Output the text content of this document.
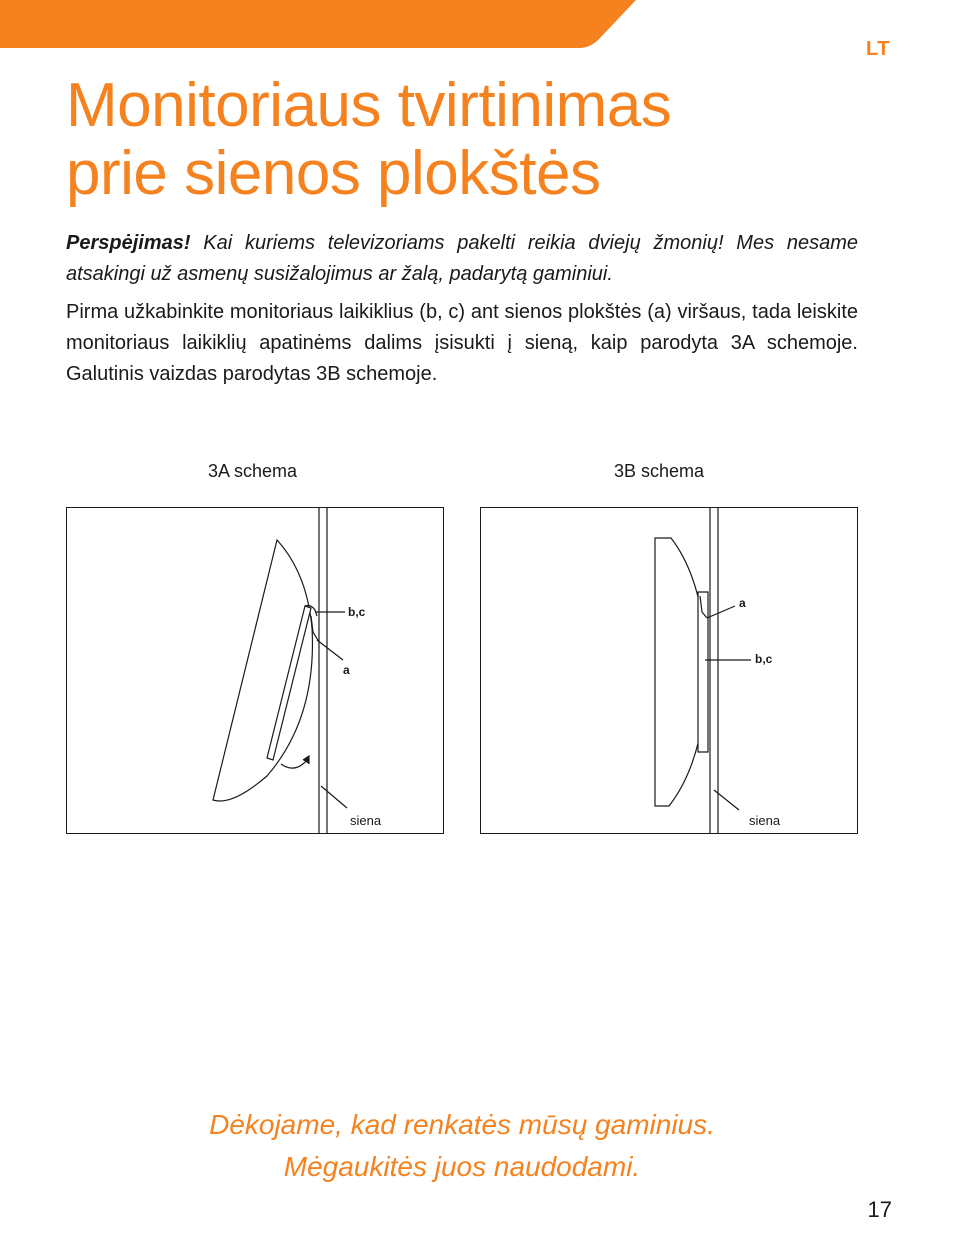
LT
Monitoriaus tvirtinimas
prie sienos plokštės

Perspėjimas! Kai kuriems televizoriams pakelti reikia dviejų žmonių! Mes nesame atsakingi už asmenų susižalojimus ar žalą, padarytą gaminiui.

Pirma užkabinkite monitoriaus laikiklius (b, c) ant sienos plokštės (a) viršaus, tada leiskite monitoriaus laikiklių apatinėms dalims įsisukti į sieną, kaip parodyta 3A schemoje. Galutinis vaizdas parodytas 3B schemoje.

3A schema	3B schema
b,c
a
siena
a
b,c
siena

Dėkojame, kad renkatės mūsų gaminius.
Mėgaukitės juos naudodami.

17
